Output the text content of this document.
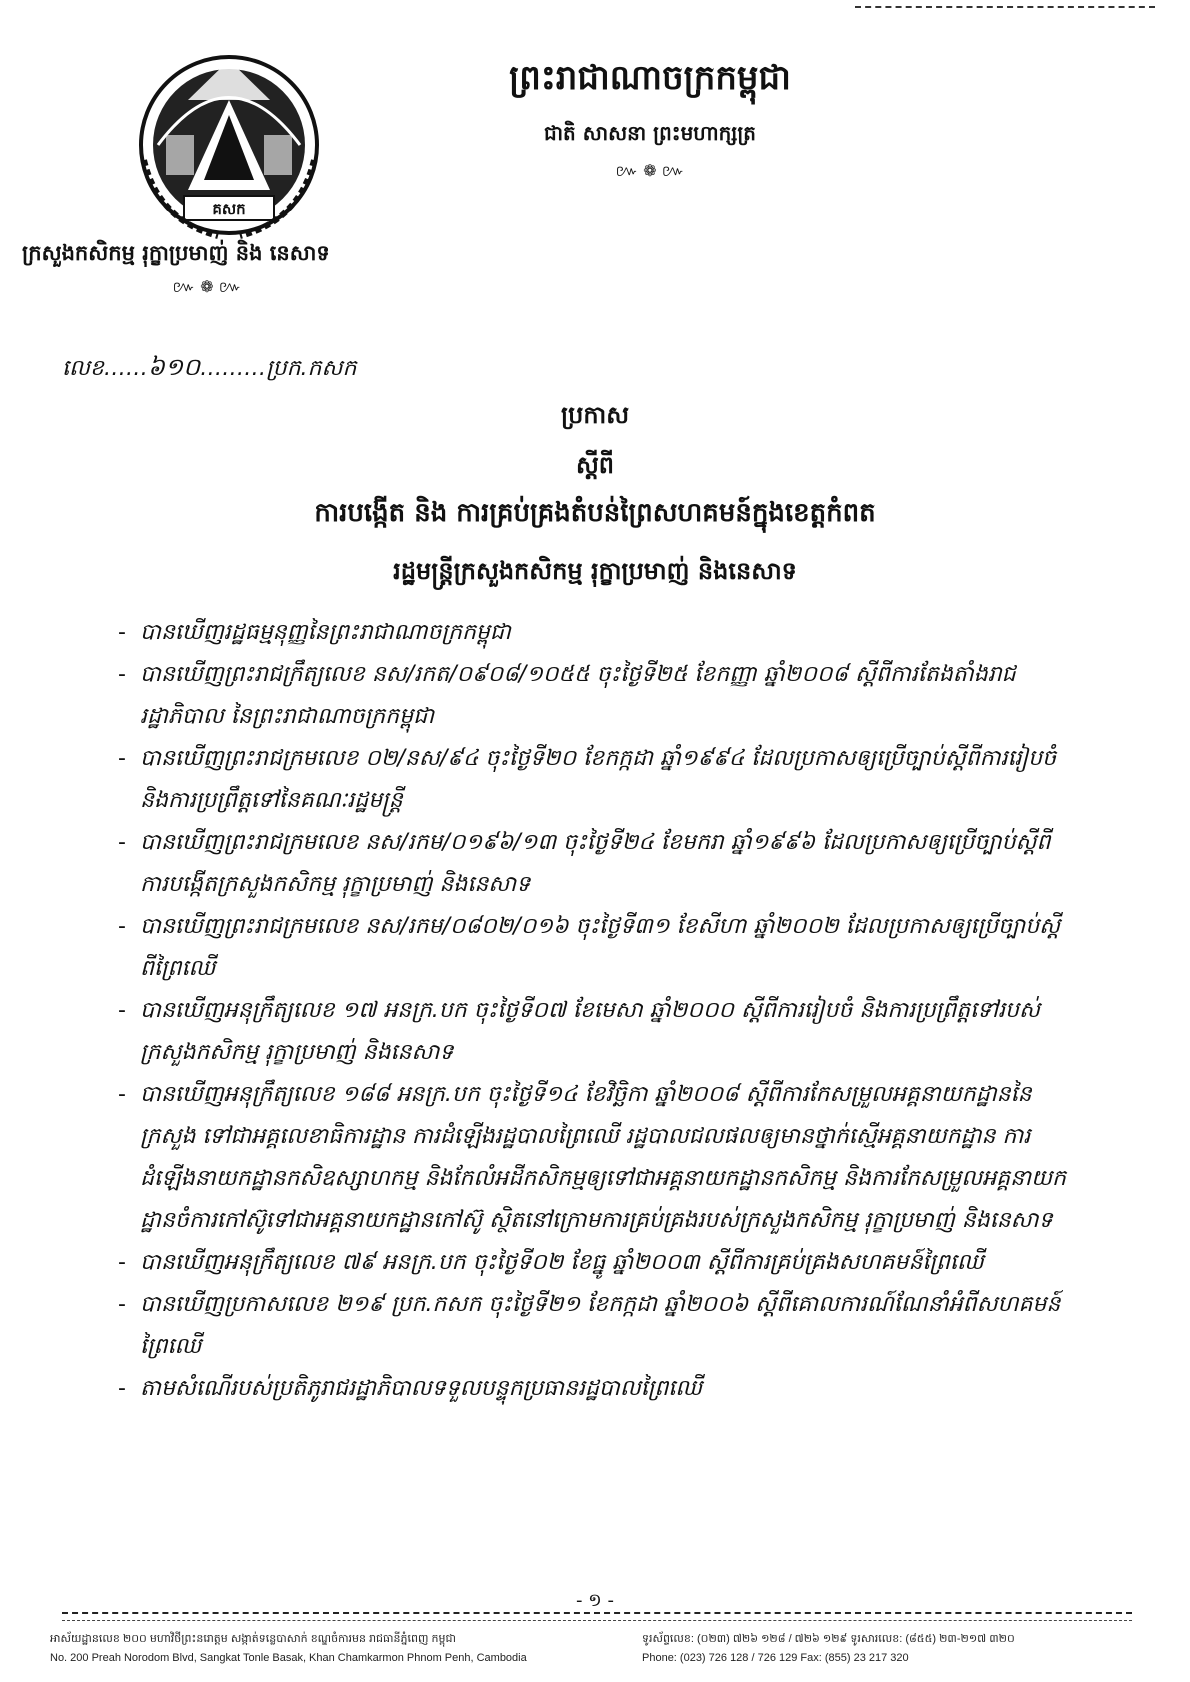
គសក
ព្រះរាជាណាចក្រកម្ពុជា
ជាតិ សាសនា ព្រះមហាក្សត្រ
៚ ❁ ៚
ក្រសួងកសិកម្ម រុក្ខាប្រមាញ់ និង នេសាទ
៚ ❁ ៚
លេខ……៦១០………ប្រក.កសក
ប្រកាស
ស្តីពី
ការបង្កើត និង ការគ្រប់គ្រងតំបន់ព្រៃសហគមន៍ក្នុងខេត្តកំពត
រដ្ឋមន្ត្រីក្រសួងកសិកម្ម រុក្ខាប្រមាញ់ និងនេសាទ
- បានឃើញរដ្ឋធម្មនុញ្ញនៃព្រះរាជាណាចក្រកម្ពុជា
- បានឃើញព្រះរាជក្រឹត្យលេខ នស/រកត/០៩០៨/១០៥៥ ចុះថ្ងៃទី២៥ ខែកញ្ញា ឆ្នាំ២០០៨ ស្តីពីការតែងតាំងរាជរដ្ឋាភិបាល នៃព្រះរាជាណាចក្រកម្ពុជា
- បានឃើញព្រះរាជក្រមលេខ ០២/នស/៩៤ ចុះថ្ងៃទី២០ ខែកក្កដា ឆ្នាំ១៩៩៤ ដែលប្រកាសឲ្យប្រើច្បាប់ស្តីពីការរៀបចំ និងការប្រព្រឹត្តទៅនៃគណៈរដ្ឋមន្ត្រី
- បានឃើញព្រះរាជក្រមលេខ នស/រកម/០១៩៦/១៣ ចុះថ្ងៃទី២៤ ខែមករា ឆ្នាំ១៩៩៦ ដែលប្រកាសឲ្យប្រើច្បាប់ស្តីពីការបង្កើតក្រសួងកសិកម្ម រុក្ខាប្រមាញ់ និងនេសាទ
- បានឃើញព្រះរាជក្រមលេខ នស/រកម/០៨០២/០១៦ ចុះថ្ងៃទី៣១ ខែសីហា ឆ្នាំ២០០២ ដែលប្រកាសឲ្យប្រើច្បាប់ស្តីពីព្រៃឈើ
- បានឃើញអនុក្រឹត្យលេខ ១៧ អនក្រ.បក ចុះថ្ងៃទី០៧ ខែមេសា ឆ្នាំ២០០០ ស្តីពីការរៀបចំ និងការប្រព្រឹត្តទៅរបស់ក្រសួងកសិកម្ម រុក្ខាប្រមាញ់ និងនេសាទ
- បានឃើញអនុក្រឹត្យលេខ ១៨៨ អនក្រ.បក ចុះថ្ងៃទី១៤ ខែវិច្ឆិកា ឆ្នាំ២០០៨ ស្តីពីការកែសម្រួលអគ្គនាយកដ្ឋាននៃក្រសួង ទៅជាអគ្គលេខាធិការដ្ឋាន ការដំឡើងរដ្ឋបាលព្រៃឈើ រដ្ឋបាលជលផលឲ្យមានថ្នាក់ស្មើអគ្គនាយកដ្ឋាន ការដំឡើងនាយកដ្ឋានកសិឧស្សាហកម្ម និងកែលំអដីកសិកម្មឲ្យទៅជាអគ្គនាយកដ្ឋានកសិកម្ម និងការកែសម្រួលអគ្គនាយកដ្ឋានចំការកៅស៊ូទៅជាអគ្គនាយកដ្ឋានកៅស៊ូ ស្ថិតនៅក្រោមការគ្រប់គ្រងរបស់ក្រសួងកសិកម្ម រុក្ខាប្រមាញ់ និងនេសាទ
- បានឃើញអនុក្រឹត្យលេខ ៧៩ អនក្រ.បក ចុះថ្ងៃទី០២ ខែធ្នូ ឆ្នាំ២០០៣ ស្តីពីការគ្រប់គ្រងសហគមន៍ព្រៃឈើ
- បានឃើញប្រកាសលេខ ២១៩ ប្រក.កសក ចុះថ្ងៃទី២១ ខែកក្កដា ឆ្នាំ២០០៦ ស្តីពីគោលការណ៍ណែនាំអំពីសហគមន៍ព្រៃឈើ
- តាមសំណើរបស់ប្រតិភូរាជរដ្ឋាភិបាលទទួលបន្ទុកប្រធានរដ្ឋបាលព្រៃឈើ
- ១ -
អាស័យដ្ឋានលេខ ២០០ មហាវិថីព្រះនរោត្តម សង្កាត់ទន្លេបាសាក់ ខណ្ឌចំការមន រាជធានីភ្នំពេញ កម្ពុជា
No. 200 Preah Norodom Blvd, Sangkat Tonle Basak, Khan Chamkarmon Phnom Penh, Cambodia
ទូរស័ព្ទលេខ: (០២៣) ៧២៦ ១២៨ / ៧២៦ ១២៩ ទូរសារលេខ: (៨៥៥) ២៣-២១៧ ៣២០
Phone: (023) 726 128 / 726 129 Fax: (855) 23 217 320
